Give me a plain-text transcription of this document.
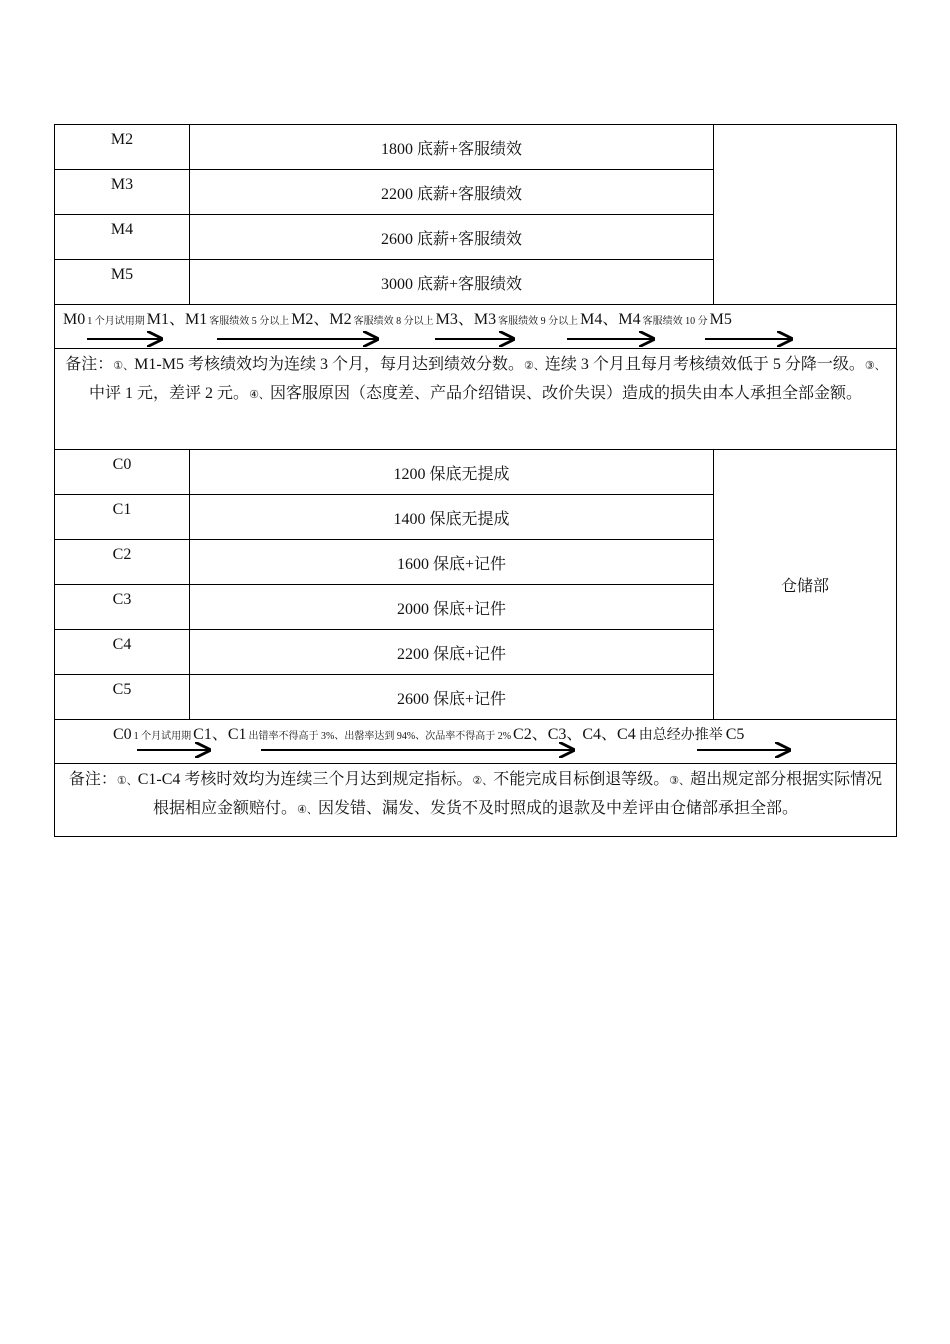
M2	1800 底薪+客服绩效	
M3	2200 底薪+客服绩效	
M4	2600 底薪+客服绩效	
M5	3000 底薪+客服绩效	

M0 1 个月试用期 M1、M1 客服绩效 5 分以上 M2、M2 客服绩效 8 分以上 M3、M3 客服绩效 9 分以上 M4、M4 客服绩效 10 分 M5		

备注：①、M1-M5 考核绩效均为连续 3 个月，每月达到绩效分数。②、连续 3 个月且每月考核绩效低于 5 分降一级。③、中评 1 元，差评 2 元。④、因客服原因（态度差、产品介绍错误、改价失误）造成的损失由本人承担全部金额。		
C0	1200 保底无提成	仓储部
C1	1400 保底无提成	
C2	1600 保底+记件	
C3	2000 保底+记件	
C4	2200 保底+记件	
C5	2600 保底+记件	

C0 1 个月试用期 C1、C1 出错率不得高于 3%、出罄率达到 94%、次品率不得高于 2% C2、C3、C4、C4 由总经办推举 C5		

备注：①、C1-C4 考核时效均为连续三个月达到规定指标。②、不能完成目标倒退等级。③、超出规定部分根据实际情况根据相应金额赔付。④、因发错、漏发、发货不及时照成的退款及中差评由仓储部承担全部。		
